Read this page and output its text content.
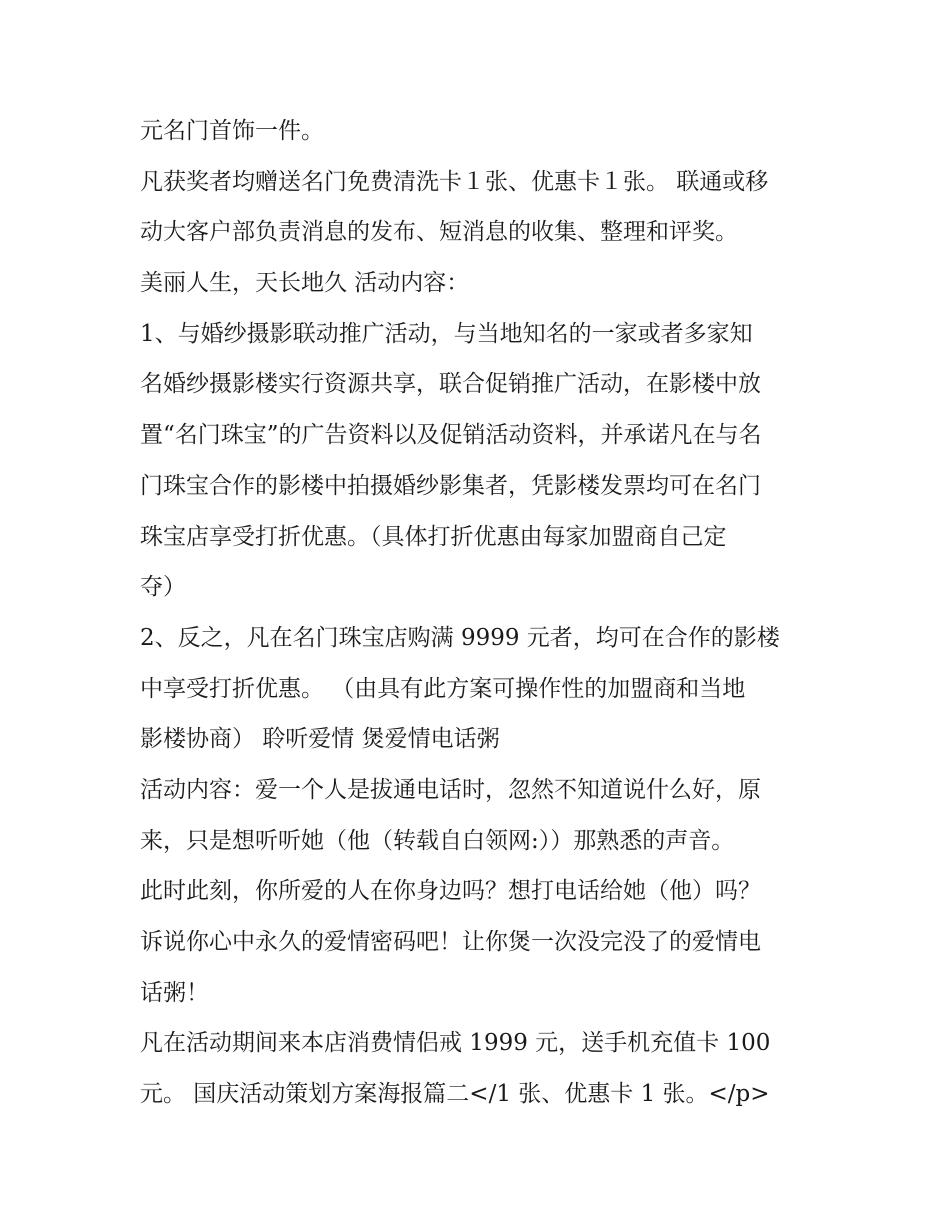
元名门首饰一件。
凡获奖者均赠送名门免费清洗卡１张、优惠卡１张。 联通或移
动大客户部负责消息的发布、短消息的收集、整理和评奖。
美丽人生，天长地久 活动内容：
1、与婚纱摄影联动推广活动，与当地知名的一家或者多家知
名婚纱摄影楼实行资源共享，联合促销推广活动，在影楼中放
置“名门珠宝”的广告资料以及促销活动资料，并承诺凡在与名
门珠宝合作的影楼中拍摄婚纱影集者，凭影楼发票均可在名门
珠宝店享受打折优惠。（具体打折优惠由每家加盟商自己定
夺）
2、反之，凡在名门珠宝店购满 9999 元者，均可在合作的影楼
中享受打折优惠。 （由具有此方案可操作性的加盟商和当地
影楼协商） 聆听爱情 煲爱情电话粥
活动内容：爱一个人是拔通电话时，忽然不知道说什么好，原
来，只是想听听她（他（转载自白领网:））那熟悉的声音。
此时此刻，你所爱的人在你身边吗？想打电话给她（他）吗？
诉说你心中永久的爱情密码吧！让你煲一次没完没了的爱情电
话粥！
凡在活动期间来本店消费情侣戒 1999 元，送手机充值卡 100
元。 国庆活动策划方案海报篇二</1 张、优惠卡 1 张。</p>
